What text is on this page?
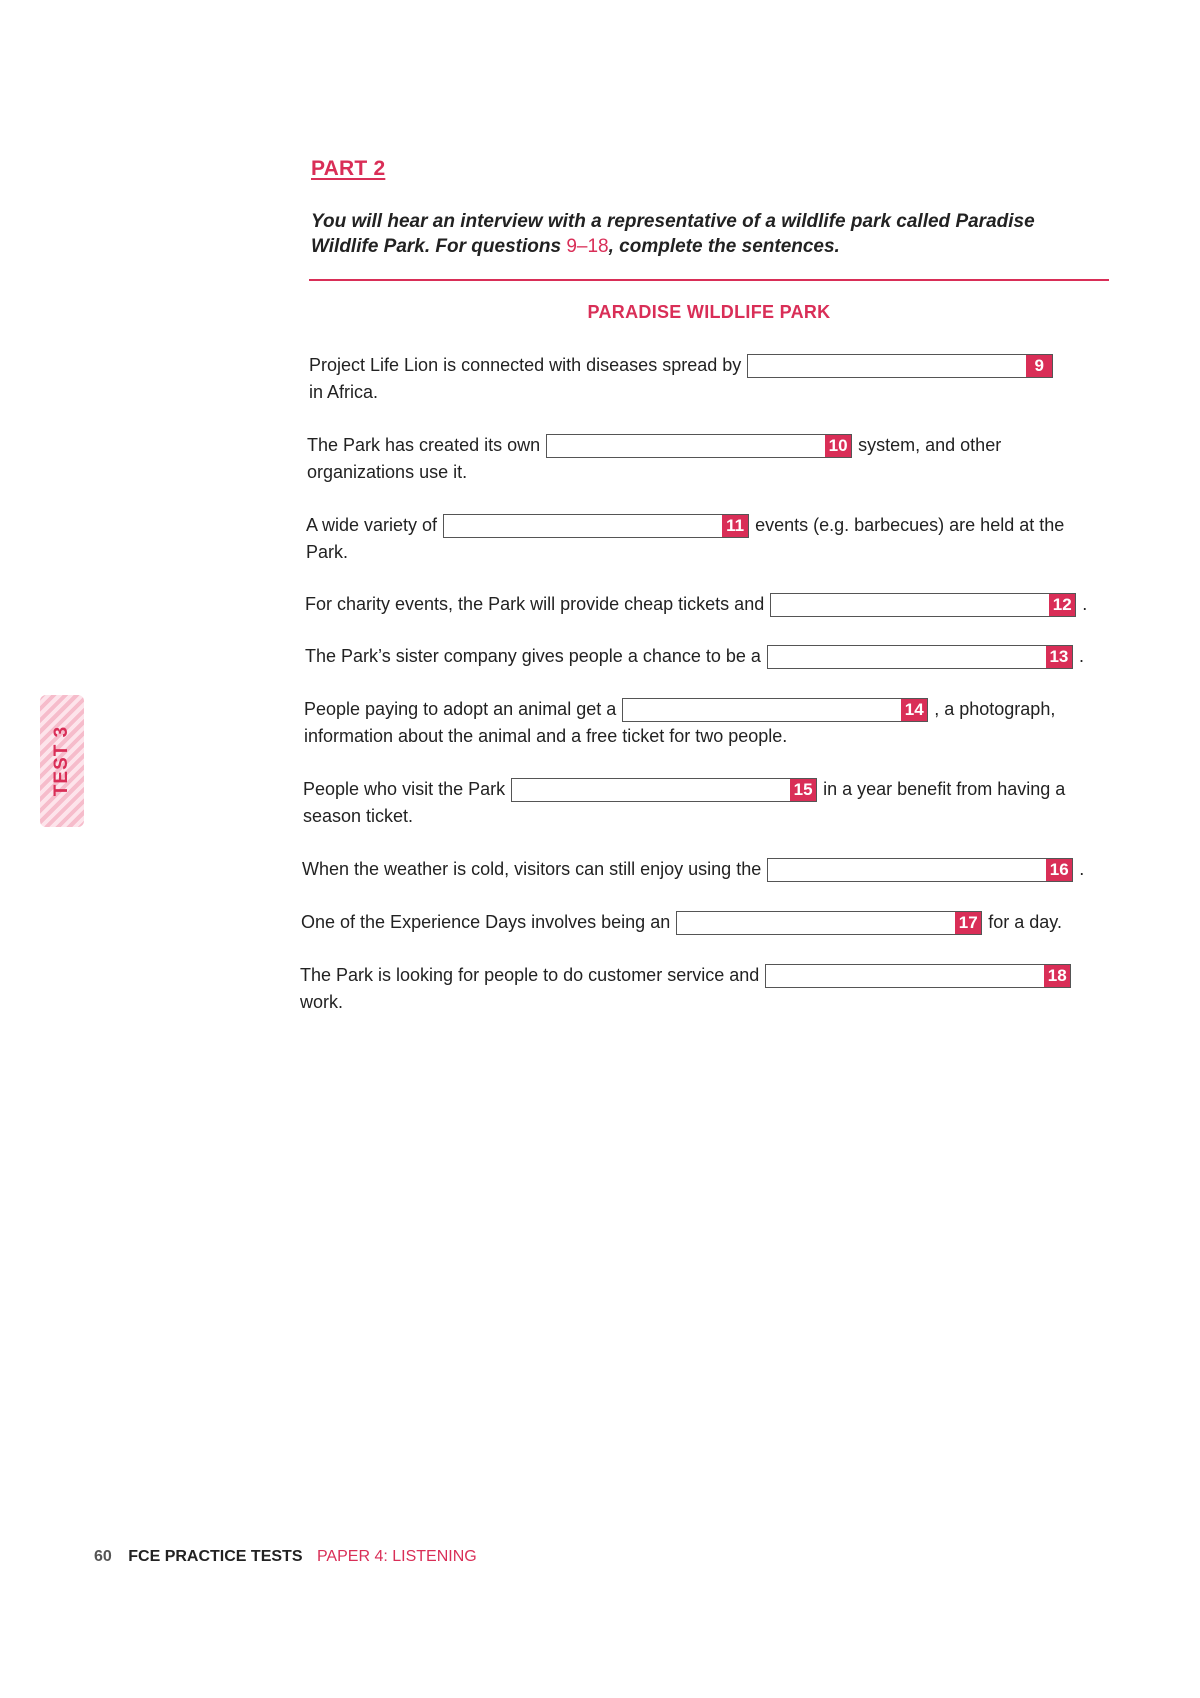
PART 2
You will hear an interview with a representative of a wildlife park called Paradise Wildlife Park. For questions 9–18, complete the sentences.
PARADISE WILDLIFE PARK
Project Life Lion is connected with diseases spread by	9
in Africa.
The Park has created its own	10 system, and other
organizations use it.
A wide variety of	11 events (e.g. barbecues) are held at the
Park.
For charity events, the Park will provide cheap tickets and	12 .
The Park’s sister company gives people a chance to be a	13 .
People paying to adopt an animal get a	14 , a photograph,
information about the animal and a free ticket for two people.
People who visit the Park	15 in a year benefit from having a
season ticket.
When the weather is cold, visitors can still enjoy using the	16 .
One of the Experience Days involves being an	17 for a day.
The Park is looking for people to do customer service and	18
work.
TEST 3
60 FCE PRACTICE TESTS PAPER 4: LISTENING
